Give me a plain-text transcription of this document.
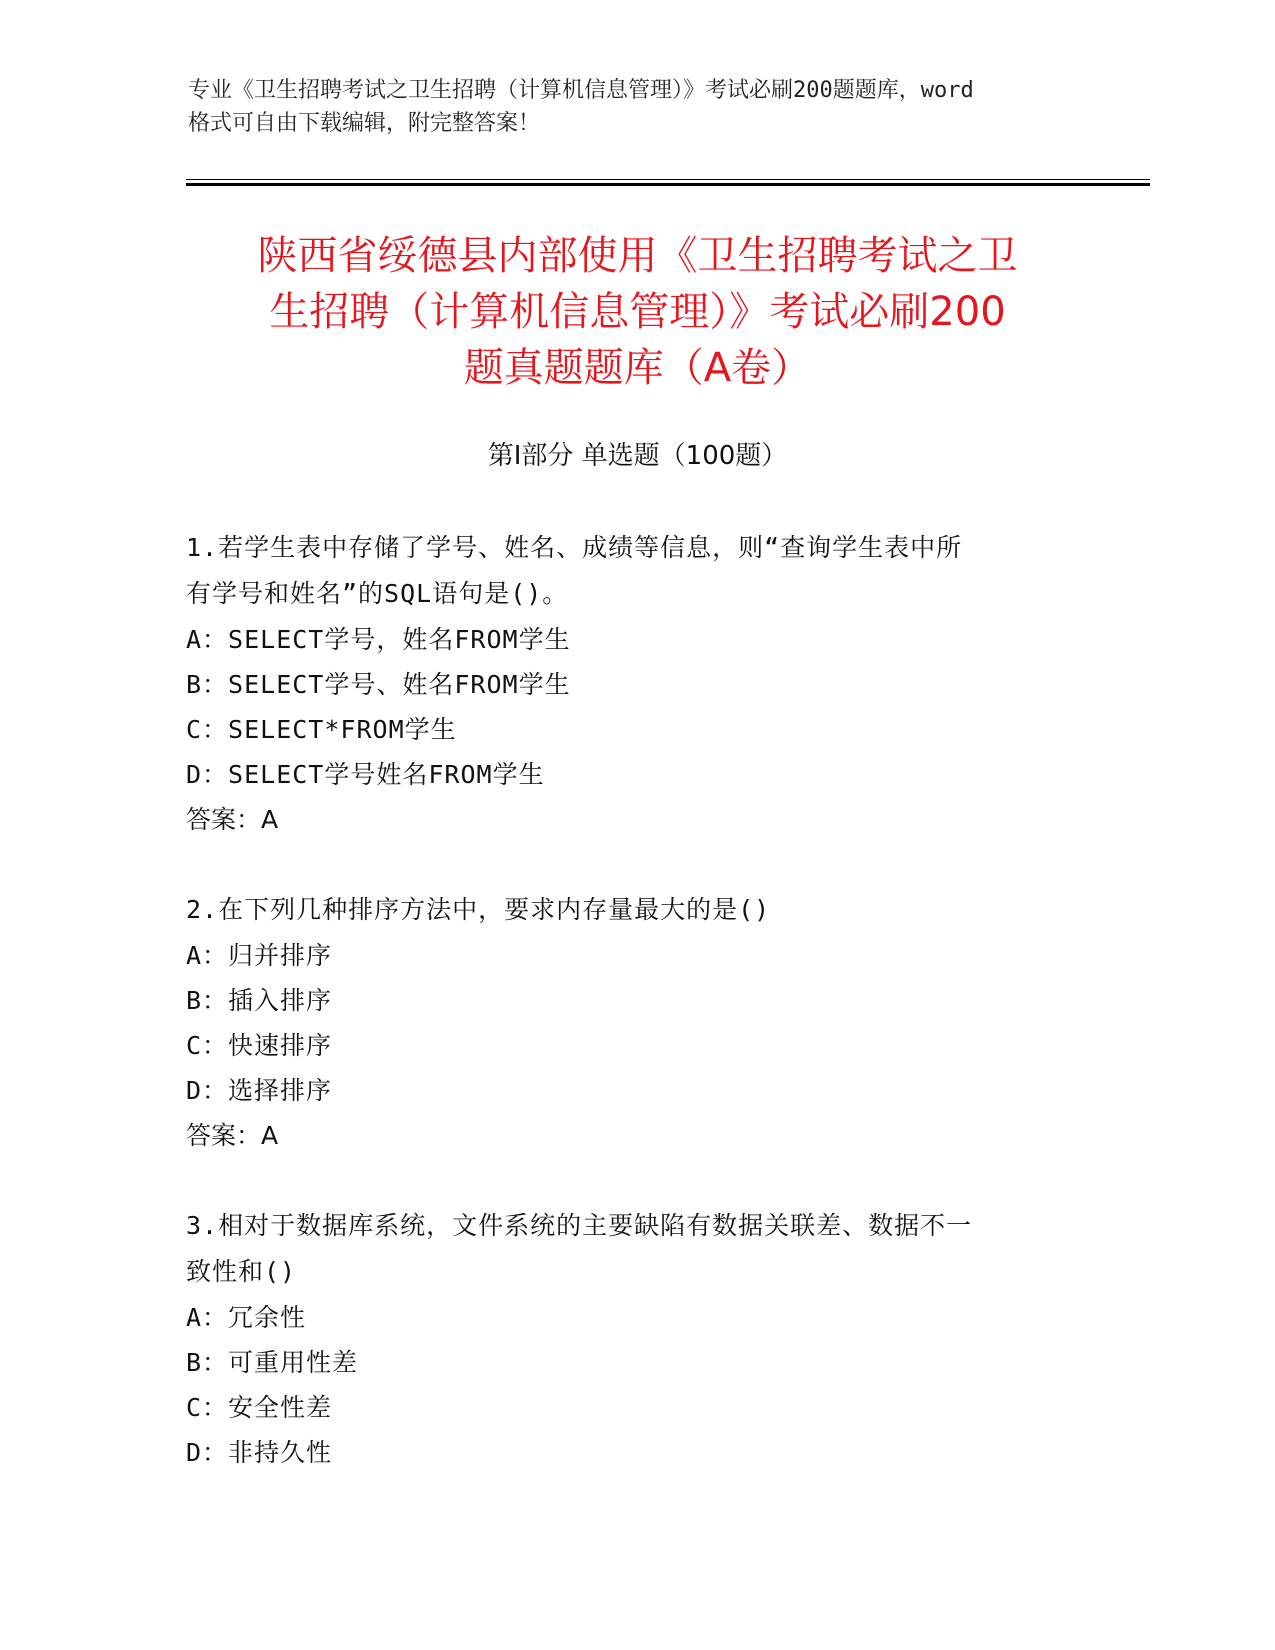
专业《卫生招聘考试之卫生招聘（计算机信息管理）》考试必刷200题题库，word

格式可自由下载编辑，附完整答案！

陕西省绥德县内部使用《卫生招聘考试之卫
生招聘（计算机信息管理）》考试必刷200
题真题题库（A卷）
第Ⅰ部分 单选题（100题）

1.若学生表中存储了学号、姓名、成绩等信息，则“查询学生表中所

有学号和姓名”的SQL语句是()。

A：SELECT学号，姓名FROM学生

B：SELECT学号、姓名FROM学生

C：SELECT*FROM学生

D：SELECT学号姓名FROM学生

答案：A

2.在下列几种排序方法中，要求内存量最大的是()

A：归并排序

B：插入排序

C：快速排序

D：选择排序

答案：A

3.相对于数据库系统，文件系统的主要缺陷有数据关联差、数据不一

致性和()

A：冗余性

B：可重用性差

C：安全性差

D：非持久性
